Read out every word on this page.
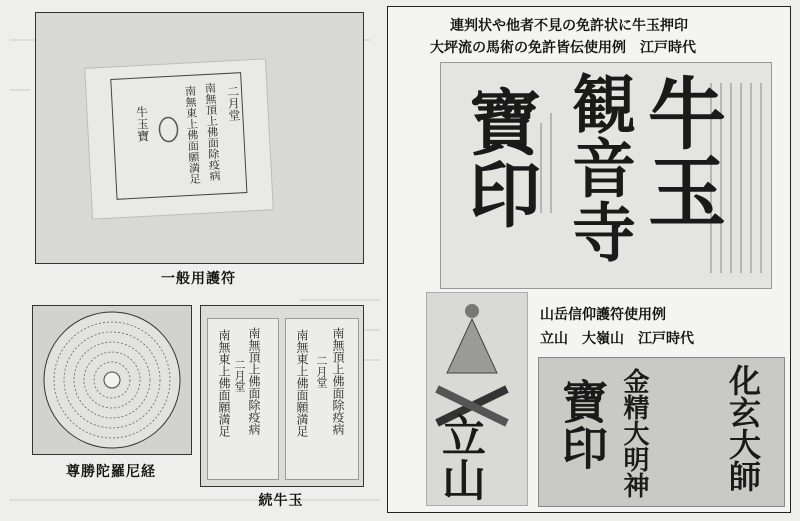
南無頂上佛面除疫病
南無東上佛面願満足 二月堂
牛玉寶
一般用護符
尊勝陀羅尼経
南無頂上佛面除疫病
南無東上佛面願満足 二月堂	南無頂上佛面除疫病
南無東上佛面願満足 二月堂
続牛玉
連判状や他者不見の免許状に牛玉押印
大坪流の馬術の免許皆伝使用例　江戸時代
牛玉
観音寺
寶印
山岳信仰護符使用例
立山　大嶺山　江戸時代
立山	化玄大師
金精大明神
寶印
